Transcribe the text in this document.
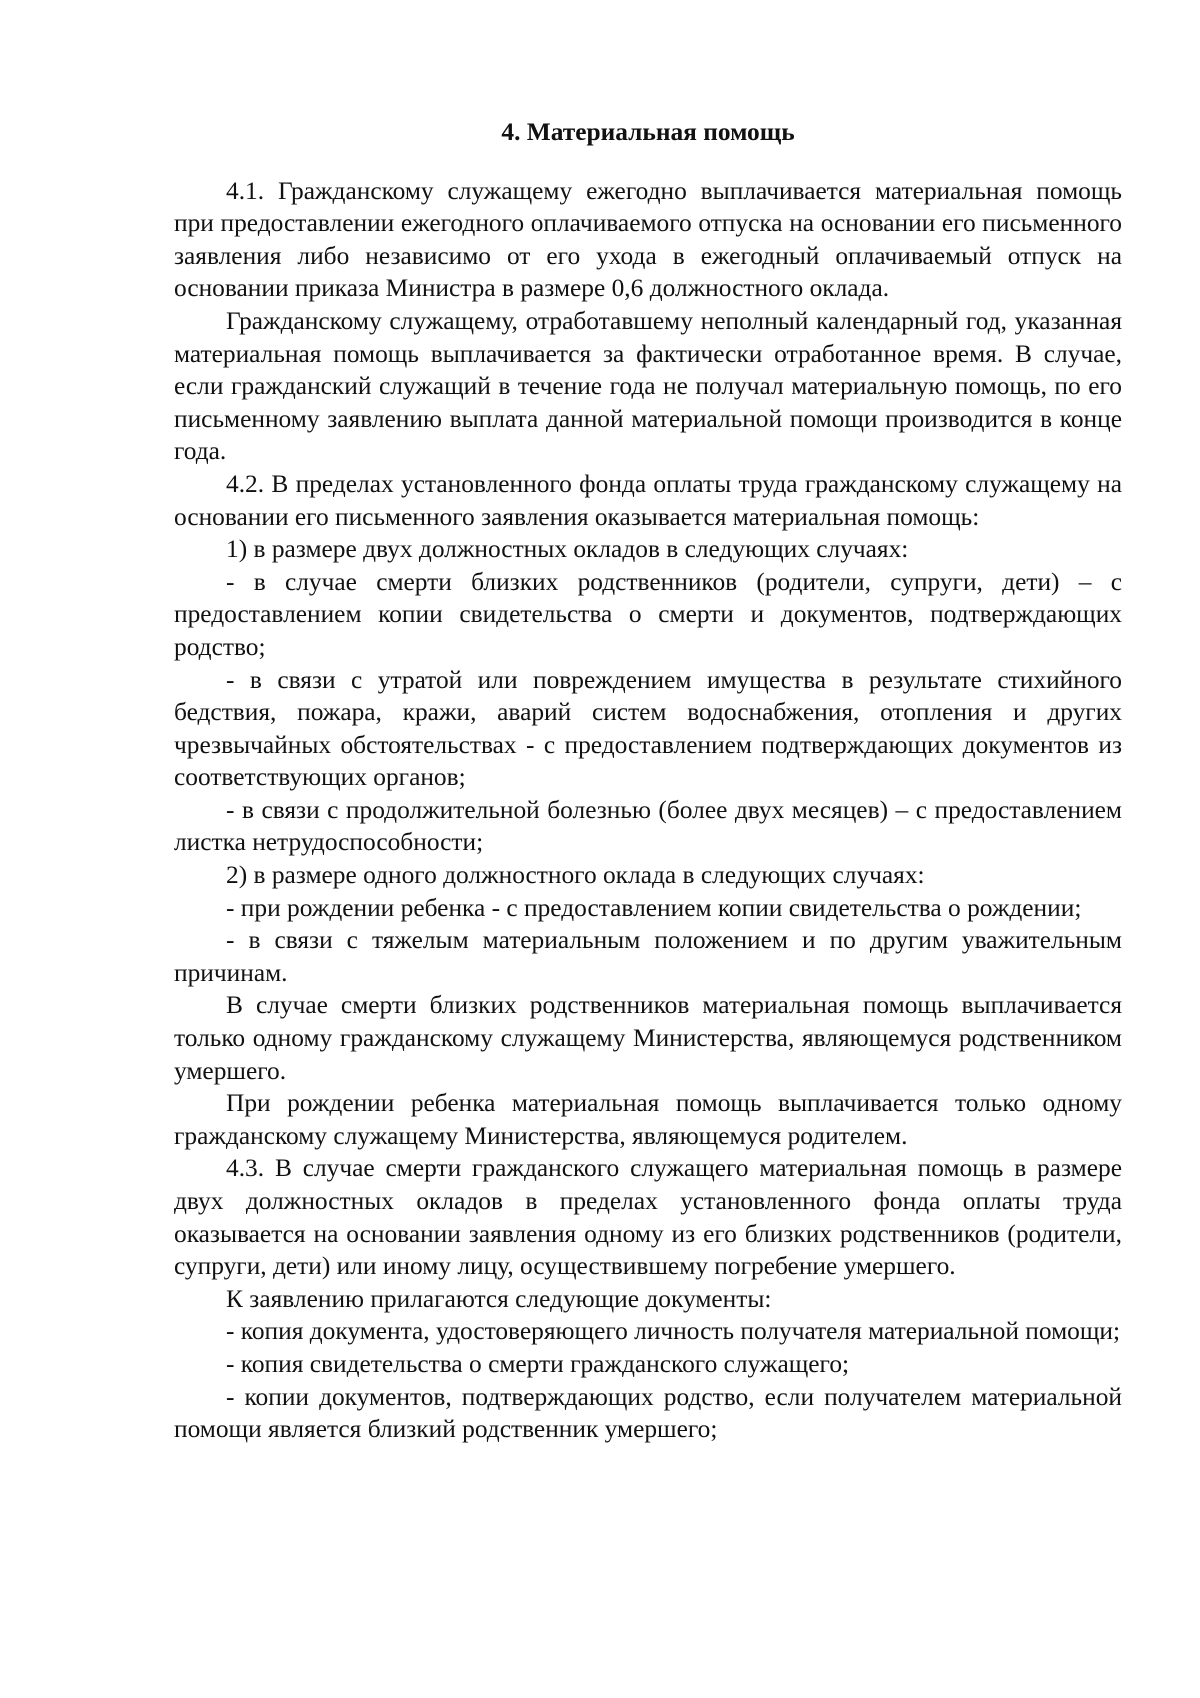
4. Материальная помощь

4.1. Гражданскому служащему ежегодно выплачивается материальная помощь при предоставлении ежегодного оплачиваемого отпуска на основании его письменного заявления либо независимо от его ухода в ежегодный оплачиваемый отпуск на основании приказа Министра в размере 0,6 должностного оклада.

Гражданскому служащему, отработавшему неполный календарный год, указанная материальная помощь выплачивается за фактически отработанное время. В случае, если гражданский служащий в течение года не получал материальную помощь, по его письменному заявлению выплата данной материальной помощи производится в конце года.

4.2. В пределах установленного фонда оплаты труда гражданскому служащему на основании его письменного заявления оказывается материальная помощь:

1) в размере двух должностных окладов в следующих случаях:

- в случае смерти близких родственников (родители, супруги, дети) – с предоставлением копии свидетельства о смерти и документов, подтверждающих родство;

- в связи с утратой или повреждением имущества в результате стихийного бедствия, пожара, кражи, аварий систем водоснабжения, отопления и других чрезвычайных обстоятельствах - с предоставлением подтверждающих документов из соответствующих органов;

- в связи с продолжительной болезнью (более двух месяцев) – с предоставлением листка нетрудоспособности;

2) в размере одного должностного оклада в следующих случаях:

- при рождении ребенка - с предоставлением копии свидетельства о рождении;

- в связи с тяжелым материальным положением и по другим уважительным причинам.

В случае смерти близких родственников материальная помощь выплачивается только одному гражданскому служащему Министерства, являющемуся родственником умершего.

При рождении ребенка материальная помощь выплачивается только одному гражданскому служащему Министерства, являющемуся родителем.

4.3. В случае смерти гражданского служащего материальная помощь в размере двух должностных окладов в пределах установленного фонда оплаты труда оказывается на основании заявления одному из его близких родственников (родители, супруги, дети) или иному лицу, осуществившему погребение умершего.

К заявлению прилагаются следующие документы:

- копия документа, удостоверяющего личность получателя материальной помощи;

- копия свидетельства о смерти гражданского служащего;

- копии документов, подтверждающих родство, если получателем материальной помощи является близкий родственник умершего;
